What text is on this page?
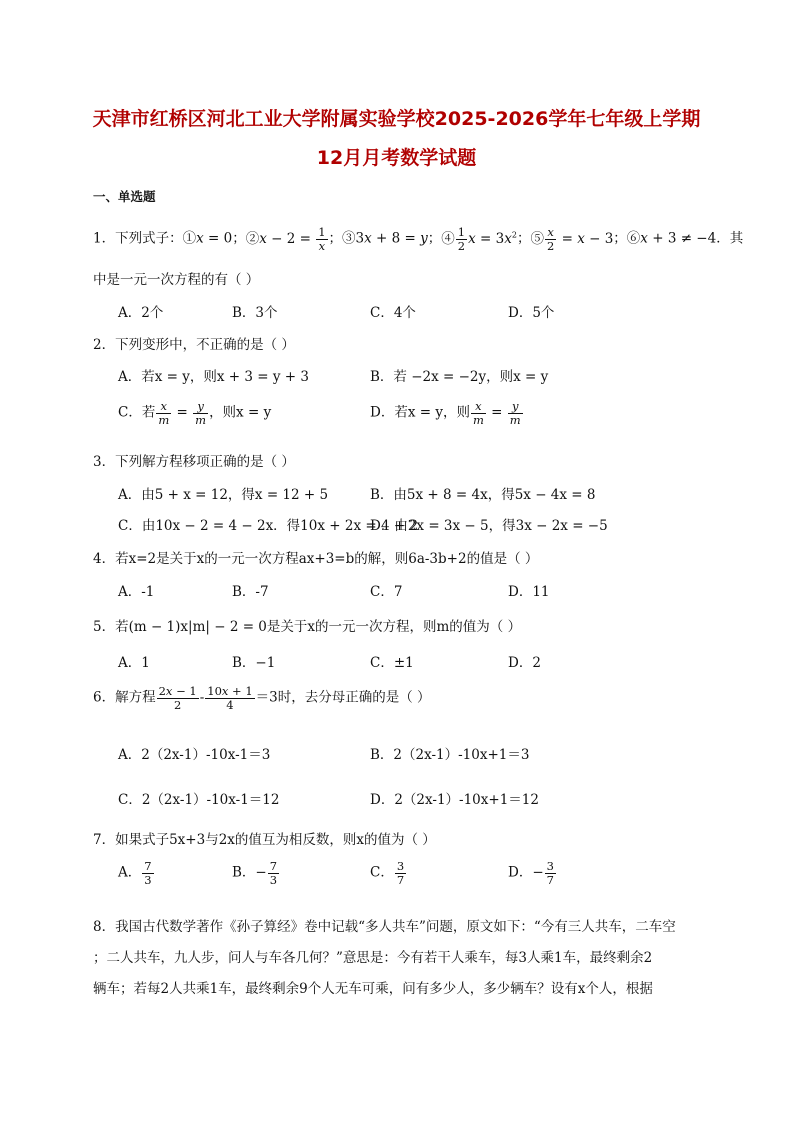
天津市红桥区河北工业大学附属实验学校2025-2026学年七年级上学期
12月月考数学试题
一、单选题
1．下列式子：①x = 0；②x − $2 = \frac{1}{x}$ ；③3x + 8 = y；④ $\frac{1}{2}$ $x = 3x^2$；⑤ $\frac{x}{2} = x - 3$；⑥x + 3 ≠ −4．其
中是一元一次方程的有（ ）
A．2个	B．3个	C．4个	D．5个
2．下列变形中，不正确的是（ ）
A．若x = y，则x + 3 = y + 3	B．若 −2x = −2y，则x = y
C．若 $\frac{x}{m} = \frac{y}{m}$ ，则x = y	D．若x = y，则 $\frac{x}{m} = \frac{y}{m}$
3．下列解方程移项正确的是（ ）
A．由5 + x = 12，得x = 12 + 5	B．由5x + 8 = 4x，得5x − 4x = 8
C．由10x − 2 = 4 − 2x．得10x + 2x = 4 + 2
D．由2x = 3x − 5，得3x − 2x = −5
4．若x=2是关于x的一元一次方程ax+3=b的解，则6a-3b+2的值是（ ）
A．-1	B．-7	C．7	D．11
5．若(m − 1)x|m| − 2 = 0是关于x的一元一次方程，则m的值为（ ）
A．1	B．−1	C．±1	D．2
6．解方程 $\frac{2x - 1}{2} - \frac{10x + 1}{4} =3$时，去分母正确的是（ ）
A．2（2x-1）-10x-1＝3	B．2（2x-1）-10x+1＝3
C．2（2x-1）-10x-1＝12	D．2（2x-1）-10x+1＝12
7．如果式子5x+3与2x的值互为相反数，则x的值为（ ）
A． $\frac{7}{3}$	B．− $\frac{7}{3}$	C． $\frac{3}{7}$	D．− $\frac{3}{7}$
8．我国古代数学著作《孙子算经》卷中记载“多人共车”问题，原文如下：“今有三人共车，二车空
；二人共车，九人步，问人与车各几何？”意思是：今有若干人乘车，每3人乘1车，最终剩余2
辆车；若每2人共乘1车，最终剩余9个人无车可乘，问有多少人，多少辆车？设有x个人，根据
